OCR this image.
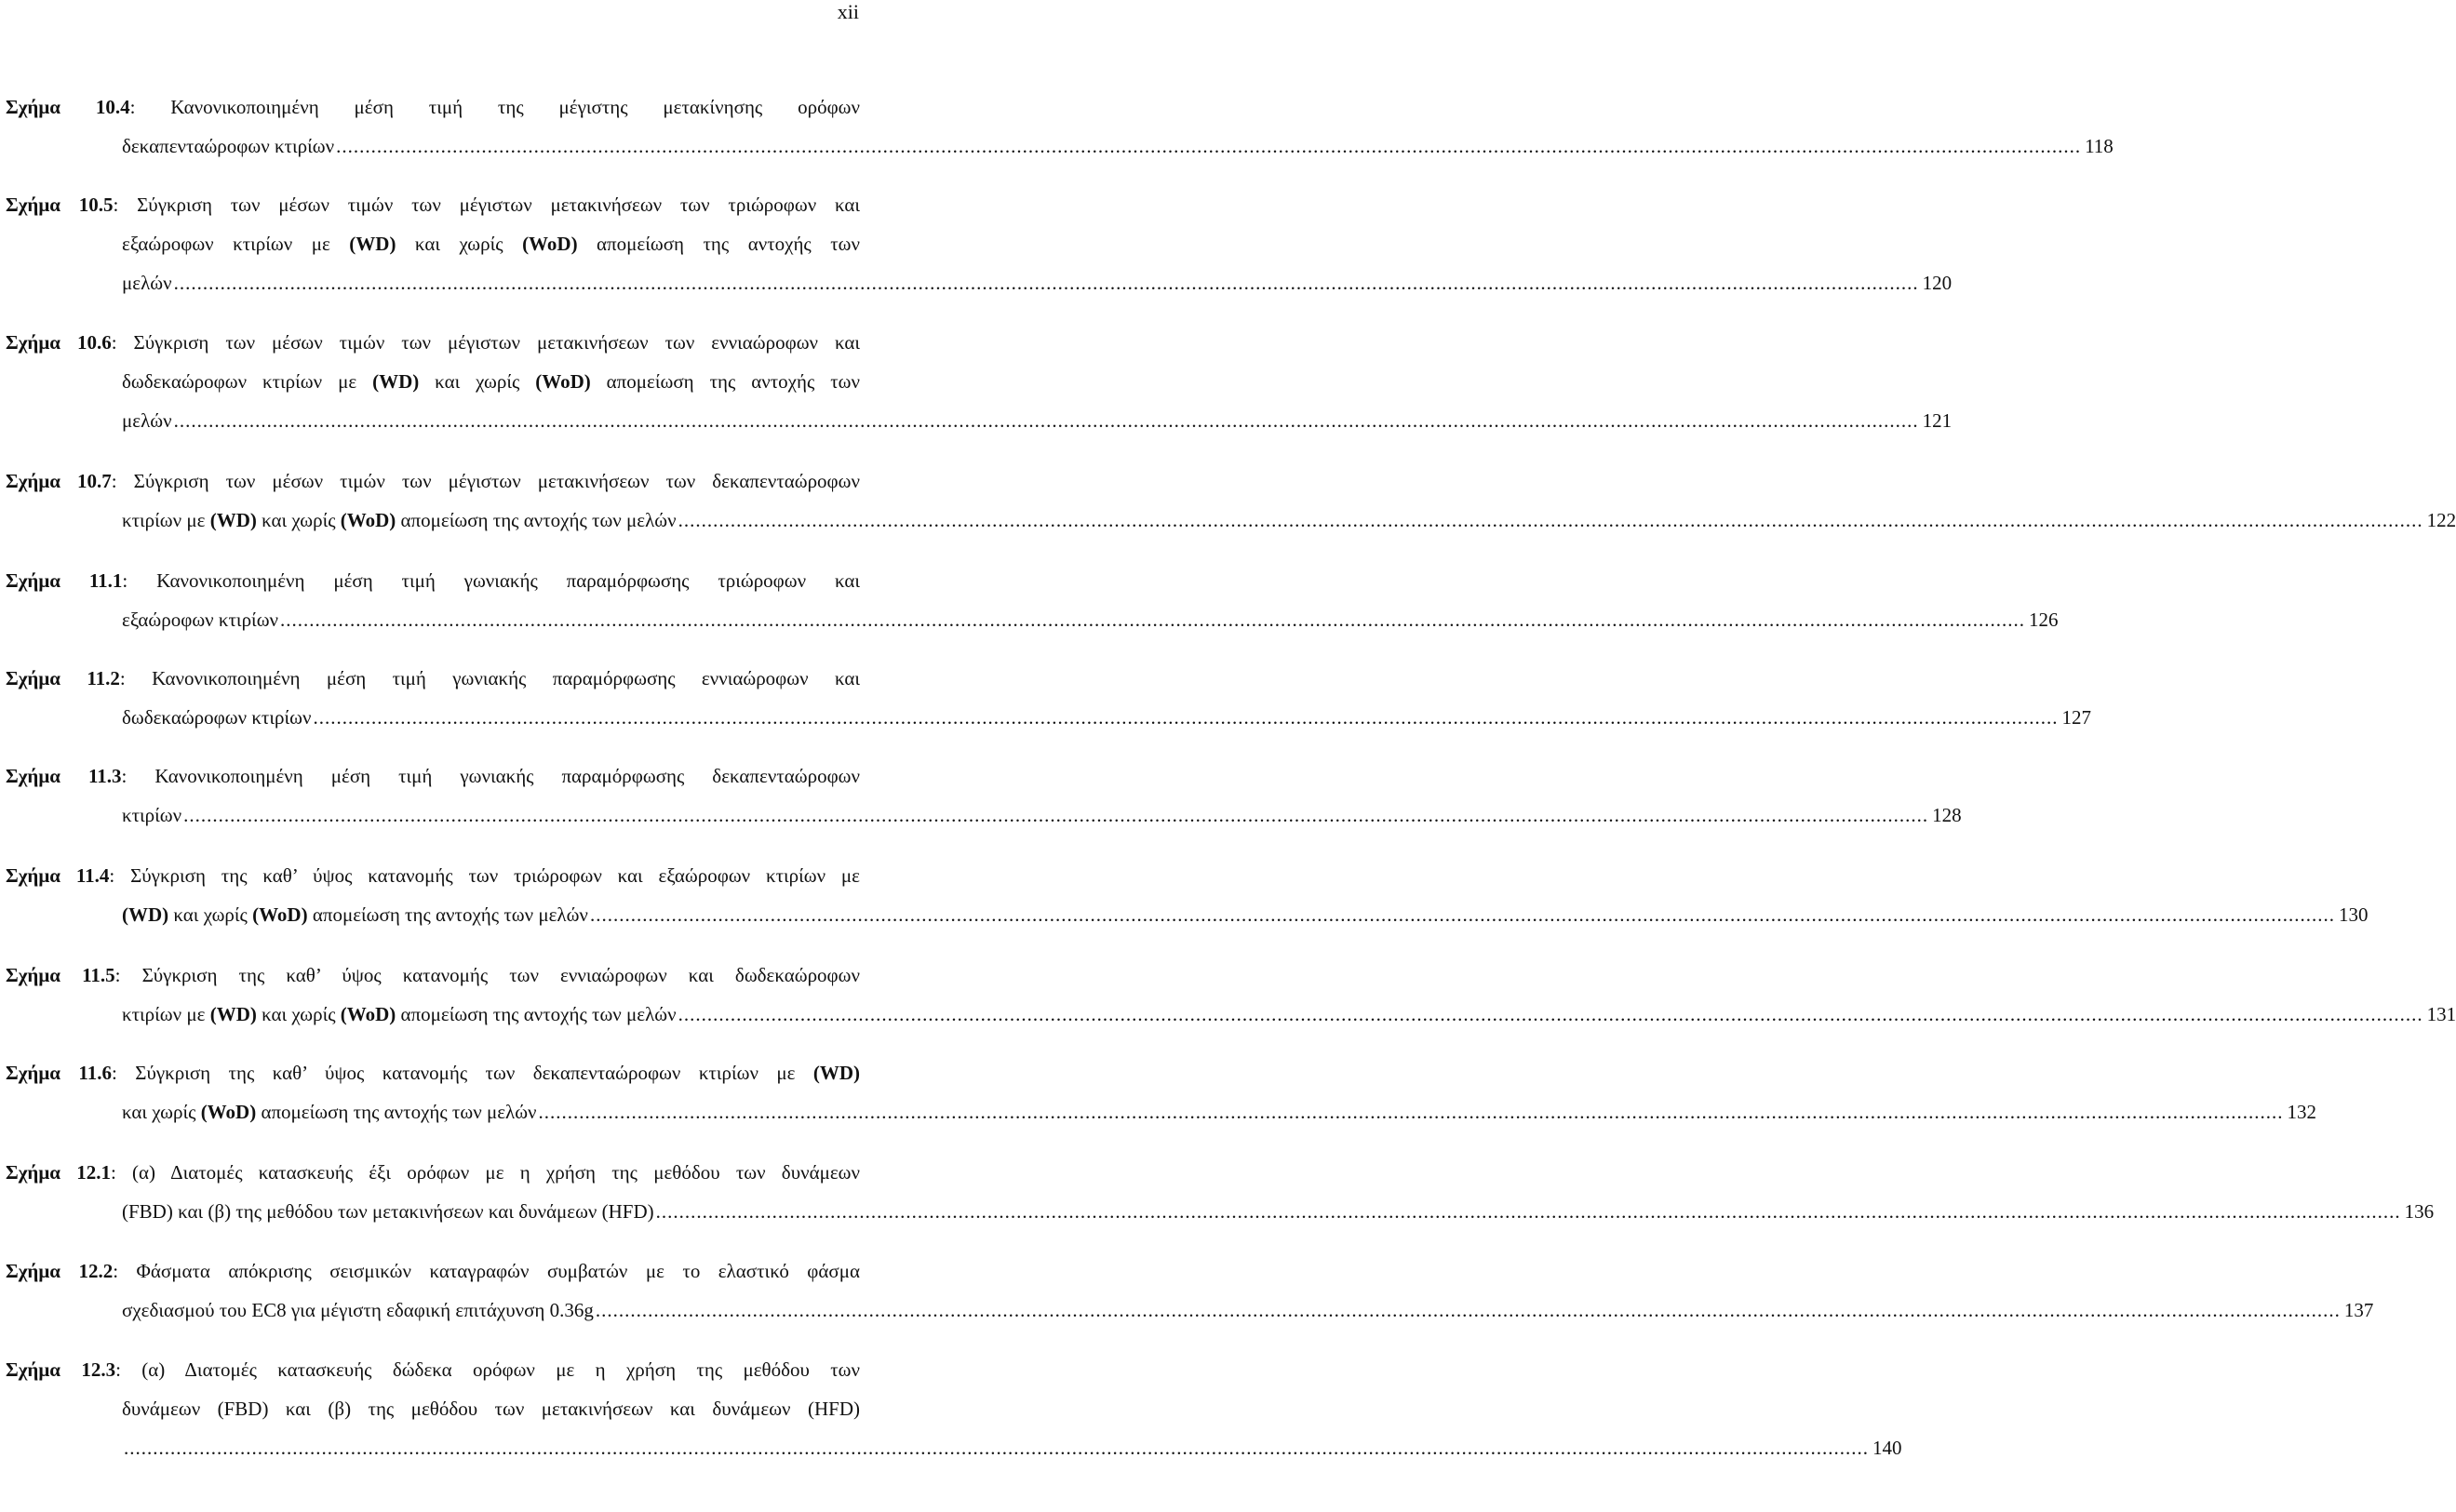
xii
Σχήμα 10.4: Κανονικοποιημένη μέση τιμή της μέγιστης μετακίνησης ορόφων
δεκαπενταώροφων κτιρίων ............................................................................................................................................................................................................................................................................................................ 118
Σχήμα 10.5: Σύγκριση των μέσων τιμών των μέγιστων μετακινήσεων των τριώροφων και
εξαώροφων κτιρίων με (WD) και χωρίς (WoD) απομείωση της αντοχής των
μελών ............................................................................................................................................................................................................................................................................................................ 120
Σχήμα 10.6: Σύγκριση των μέσων τιμών των μέγιστων μετακινήσεων των εννιαώροφων και
δωδεκαώροφων κτιρίων με (WD) και χωρίς (WoD) απομείωση της αντοχής των
μελών ............................................................................................................................................................................................................................................................................................................ 121
Σχήμα 10.7: Σύγκριση των μέσων τιμών των μέγιστων μετακινήσεων των δεκαπενταώροφων
κτιρίων με (WD) και χωρίς (WoD) απομείωση της αντοχής των μελών ............................................................................................................................................................................................................................................................................................................ 122
Σχήμα 11.1: Κανονικοποιημένη μέση τιμή γωνιακής παραμόρφωσης τριώροφων και
εξαώροφων κτιρίων ............................................................................................................................................................................................................................................................................................................ 126
Σχήμα 11.2: Κανονικοποιημένη μέση τιμή γωνιακής παραμόρφωσης εννιαώροφων και
δωδεκαώροφων κτιρίων ............................................................................................................................................................................................................................................................................................................ 127
Σχήμα 11.3: Κανονικοποιημένη μέση τιμή γωνιακής παραμόρφωσης δεκαπενταώροφων
κτιρίων ............................................................................................................................................................................................................................................................................................................ 128
Σχήμα 11.4: Σύγκριση της καθ’ ύψος κατανομής των τριώροφων και εξαώροφων κτιρίων με
(WD) και χωρίς (WoD) απομείωση της αντοχής των μελών ............................................................................................................................................................................................................................................................................................................ 130
Σχήμα 11.5: Σύγκριση της καθ’ ύψος κατανομής των εννιαώροφων και δωδεκαώροφων
κτιρίων με (WD) και χωρίς (WoD) απομείωση της αντοχής των μελών ............................................................................................................................................................................................................................................................................................................ 131
Σχήμα 11.6: Σύγκριση της καθ’ ύψος κατανομής των δεκαπενταώροφων κτιρίων με (WD)
και χωρίς (WoD) απομείωση της αντοχής των μελών ............................................................................................................................................................................................................................................................................................................ 132
Σχήμα 12.1: (α) Διατομές κατασκευής έξι ορόφων με η χρήση της μεθόδου των δυνάμεων
(FBD) και (β) της μεθόδου των μετακινήσεων και δυνάμεων (HFD) ............................................................................................................................................................................................................................................................................................................ 136
Σχήμα 12.2: Φάσματα απόκρισης σεισμικών καταγραφών συμβατών με το ελαστικό φάσμα
σχεδιασμού του EC8 για μέγιστη εδαφική επιτάχυνση 0.36g ............................................................................................................................................................................................................................................................................................................ 137
Σχήμα 12.3: (α) Διατομές κατασκευής δώδεκα ορόφων με η χρήση της μεθόδου των
δυνάμεων (FBD) και (β) της μεθόδου των μετακινήσεων και δυνάμεων (HFD)
............................................................................................................................................................................................................................................................................................................ 140
